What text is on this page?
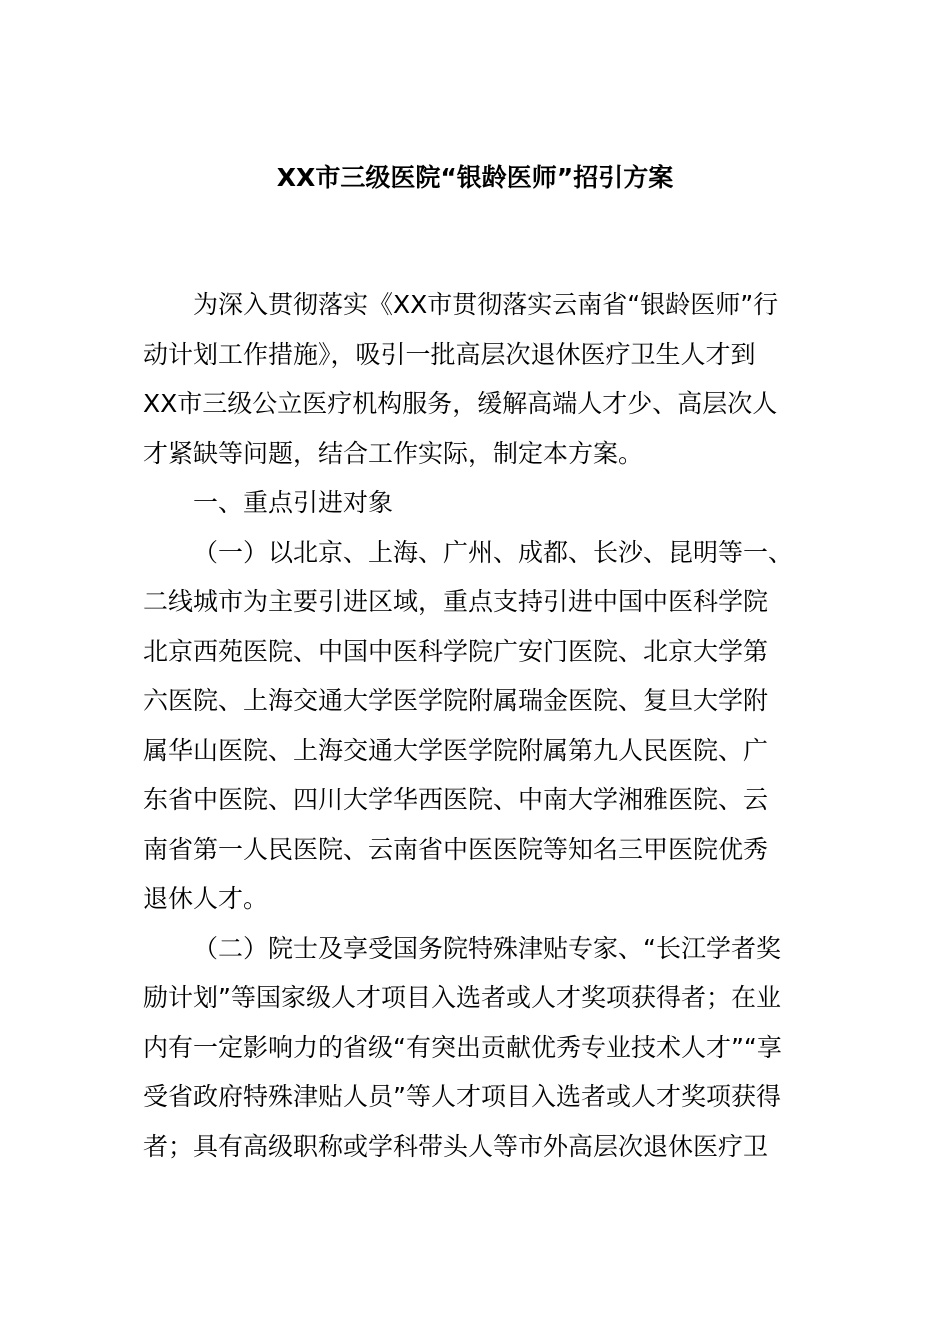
XX市三级医院“银龄医师”招引方案

为深入贯彻落实《XX市贯彻落实云南省“银龄医师”行
动计划工作措施》，吸引一批高层次退休医疗卫生人才到
XX市三级公立医疗机构服务，缓解高端人才少、高层次人
才紧缺等问题，结合工作实际，制定本方案。

一、重点引进对象

（一）以北京、上海、广州、成都、长沙、昆明等一、
二线城市为主要引进区域，重点支持引进中国中医科学院
北京西苑医院、中国中医科学院广安门医院、北京大学第
六医院、上海交通大学医学院附属瑞金医院、复旦大学附
属华山医院、上海交通大学医学院附属第九人民医院、广
东省中医院、四川大学华西医院、中南大学湘雅医院、云
南省第一人民医院、云南省中医医院等知名三甲医院优秀
退休人才。

（二）院士及享受国务院特殊津贴专家、“长江学者奖
励计划”等国家级人才项目入选者或人才奖项获得者；在业
内有一定影响力的省级“有突出贡献优秀专业技术人才”“享
受省政府特殊津贴人员”等人才项目入选者或人才奖项获得
者；具有高级职称或学科带头人等市外高层次退休医疗卫
